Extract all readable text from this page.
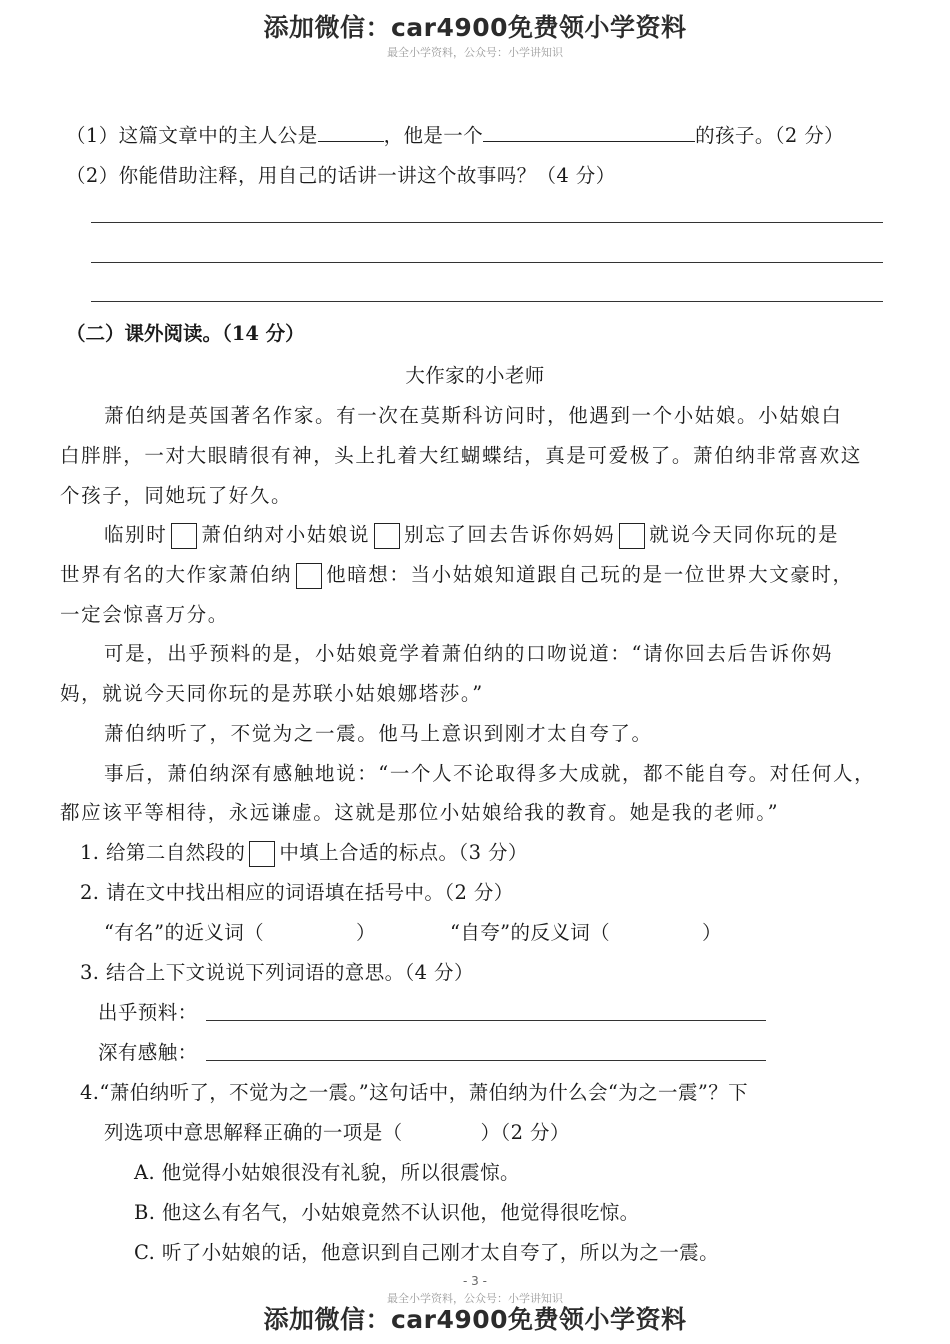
添加微信：car4900免费领小学资料
最全小学资料，公众号：小学讲知识
（1）这篇文章中的主人公是	，他是一个	的孩子。（2 分）
（2）你能借助注释，用自己的话讲一讲这个故事吗？（4 分）
（二）课外阅读。（14 分）
大作家的小老师
萧伯纳是英国著名作家。有一次在莫斯科访问时，他遇到一个小姑娘。小姑娘白
白胖胖，一对大眼睛很有神，头上扎着大红蝴蝶结，真是可爱极了。萧伯纳非常喜欢这
个孩子，同她玩了好久。
临别时 萧伯纳对小姑娘说 别忘了回去告诉你妈妈 就说今天同你玩的是
世界有名的大作家萧伯纳 他暗想：当小姑娘知道跟自己玩的是一位世界大文豪时，
一定会惊喜万分。
可是，出乎预料的是，小姑娘竟学着萧伯纳的口吻说道：“请你回去后告诉你妈
妈，就说今天同你玩的是苏联小姑娘娜塔莎。”
萧伯纳听了，不觉为之一震。他马上意识到刚才太自夸了。
事后，萧伯纳深有感触地说：“一个人不论取得多大成就，都不能自夸。对任何人，
都应该平等相待，永远谦虚。这就是那位小姑娘给我的教育。她是我的老师。”
1. 给第二自然段的 中填上合适的标点。（3 分）
2. 请在文中找出相应的词语填在括号中。（2 分）
“有名”的近义词（	）	“自夸”的反义词（	）
3. 结合上下文说说下列词语的意思。（4 分）
出乎预料：
深有感触：
4.“萧伯纳听了，不觉为之一震。”这句话中，萧伯纳为什么会“为之一震”？下
列选项中意思解释正确的一项是（	）（2 分）
A. 他觉得小姑娘很没有礼貌，所以很震惊。
B. 他这么有名气，小姑娘竟然不认识他，他觉得很吃惊。
C. 听了小姑娘的话，他意识到自己刚才太自夸了，所以为之一震。
- 3 -
最全小学资料，公众号：小学讲知识
添加微信：car4900免费领小学资料
